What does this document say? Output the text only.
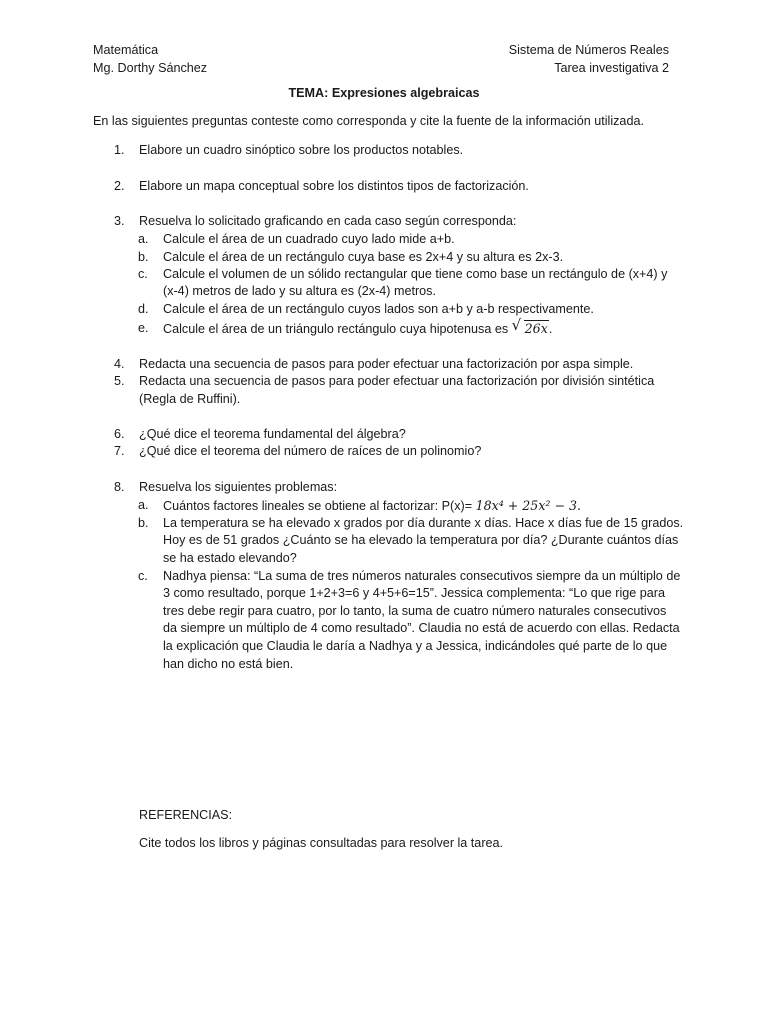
Matemática
Mg. Dorthy Sánchez
Sistema de Números Reales
Tarea investigativa 2
TEMA: Expresiones algebraicas
En las siguientes preguntas conteste como corresponda y cite la fuente de la información utilizada.
1. Elabore un cuadro sinóptico sobre los productos notables.
2. Elabore un mapa conceptual sobre los distintos tipos de factorización.
3. Resuelva lo solicitado graficando en cada caso según corresponda:
a. Calcule el área de un cuadrado cuyo lado mide a+b.
b. Calcule el área de un rectángulo cuya base es 2x+4 y su altura es 2x-3.
c. Calcule el volumen de un sólido rectangular que tiene como base un rectángulo de (x+4) y
(x-4) metros de lado y su altura es (2x-4) metros.
d. Calcule el área de un rectángulo cuyos lados son a+b y a-b respectivamente.
e. Calcule el área de un triángulo rectángulo cuya hipotenusa es √ 26x.
4. Redacta una secuencia de pasos para poder efectuar una factorización por aspa simple.
5. Redacta una secuencia de pasos para poder efectuar una factorización por división sintética
(Regla de Ruffini).
6. ¿Qué dice el teorema fundamental del álgebra?
7. ¿Qué dice el teorema del número de raíces de un polinomio?
8. Resuelva los siguientes problemas:
a. Cuántos factores lineales se obtiene al factorizar: P(x)= 18x⁴ + 25x² − 3.
b. La temperatura se ha elevado x grados por día durante x días. Hace x días fue de 15 grados.
Hoy es de 51 grados ¿Cuánto se ha elevado la temperatura por día? ¿Durante cuántos días
se ha estado elevando?
c. Nadhya piensa: “La suma de tres números naturales consecutivos siempre da un múltiplo de
3 como resultado, porque 1+2+3=6 y 4+5+6=15”. Jessica complementa: “Lo que rige para
tres debe regir para cuatro, por lo tanto, la suma de cuatro número naturales consecutivos
da siempre un múltiplo de 4 como resultado”. Claudia no está de acuerdo con ellas. Redacta
la explicación que Claudia le daría a Nadhya y a Jessica, indicándoles qué parte de lo que
han dicho no está bien.
REFERENCIAS:
Cite todos los libros y páginas consultadas para resolver la tarea.
